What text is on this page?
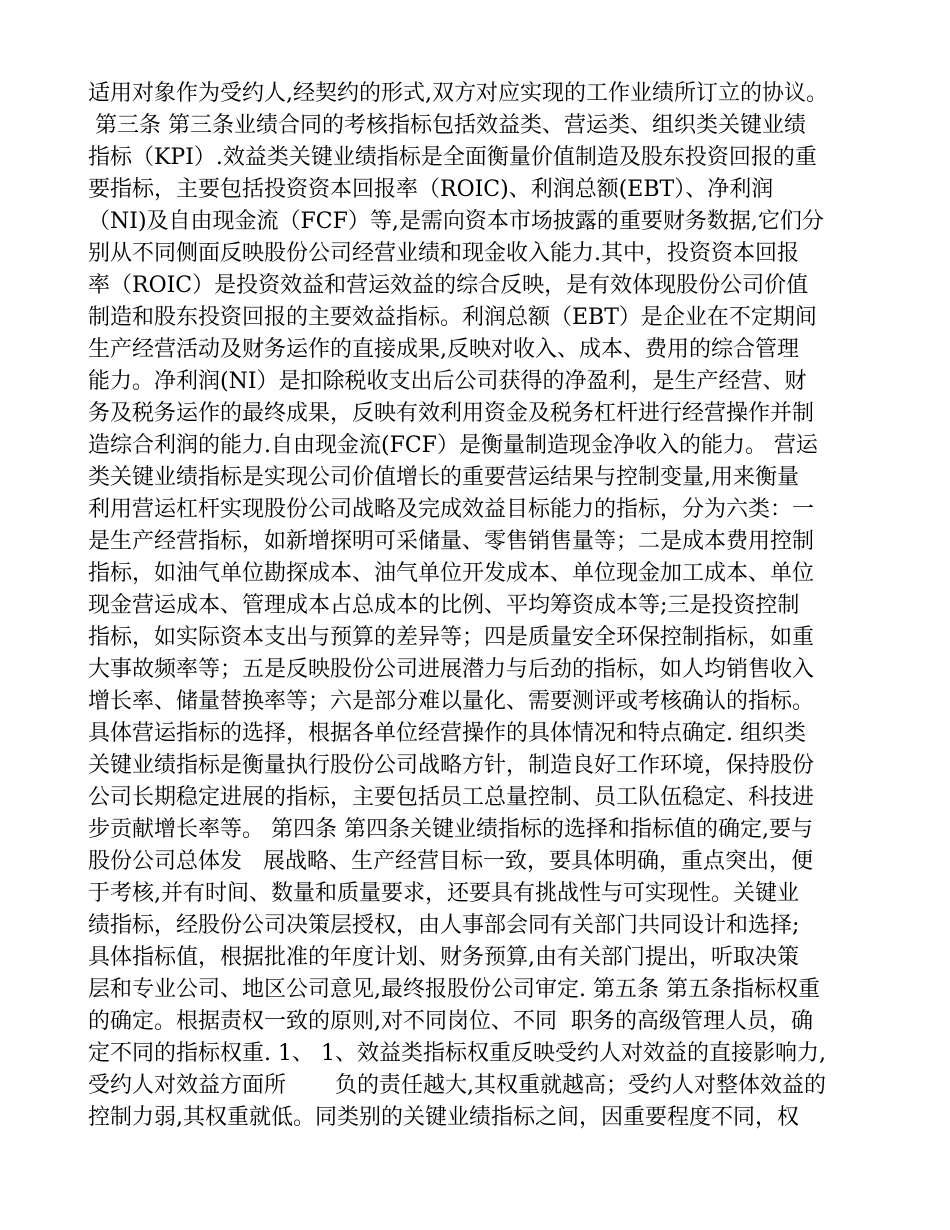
适用对象作为受约人,经契约的形式,双方对应实现的工作业绩所订立的协议。
第三条 第三条业绩合同的考核指标包括效益类、营运类、组织类关键业绩
指标（KPI）.效益类关键业绩指标是全面衡量价值制造及股东投资回报的重
要指标，主要包括投资资本回报率（ROIC)、利润总额(EBT）、净利润
（NI)及自由现金流（FCF）等,是需向资本市场披露的重要财务数据,它们分
别从不同侧面反映股份公司经营业绩和现金收入能力.其中，投资资本回报
率（ROIC）是投资效益和营运效益的综合反映，是有效体现股份公司价值
制造和股东投资回报的主要效益指标。利润总额（EBT）是企业在不定期间
生产经营活动及财务运作的直接成果,反映对收入、成本、费用的综合管理
能力。净利润(NI）是扣除税收支出后公司获得的净盈利，是生产经营、财
务及税务运作的最终成果，反映有效利用资金及税务杠杆进行经营操作并制
造综合利润的能力.自由现金流(FCF）是衡量制造现金净收入的能力。 营运
类关键业绩指标是实现公司价值增长的重要营运结果与控制变量,用来衡量
利用营运杠杆实现股份公司战略及完成效益目标能力的指标，分为六类：一
是生产经营指标，如新增探明可采储量、零售销售量等；二是成本费用控制
指标，如油气单位勘探成本、油气单位开发成本、单位现金加工成本、单位
现金营运成本、管理成本占总成本的比例、平均筹资成本等;三是投资控制
指标，如实际资本支出与预算的差异等；四是质量安全环保控制指标，如重
大事故频率等；五是反映股份公司进展潜力与后劲的指标，如人均销售收入
增长率、储量替换率等；六是部分难以量化、需要测评或考核确认的指标。
具体营运指标的选择，根据各单位经营操作的具体情况和特点确定. 组织类
关键业绩指标是衡量执行股份公司战略方针，制造良好工作环境，保持股份
公司长期稳定进展的指标，主要包括员工总量控制、员工队伍稳定、科技进
步贡献增长率等。 第四条 第四条关键业绩指标的选择和指标值的确定,要与
股份公司总体发   展战略、生产经营目标一致，要具体明确，重点突出，便
于考核,并有时间、数量和质量要求，还要具有挑战性与可实现性。关键业
绩指标，经股份公司决策层授权，由人事部会同有关部门共同设计和选择;
具体指标值，根据批准的年度计划、财务预算,由有关部门提出，听取决策
层和专业公司、地区公司意见,最终报股份公司审定. 第五条 第五条指标权重
的确定。根据责权一致的原则,对不同岗位、不同  职务的高级管理人员，确
定不同的指标权重. 1、 1、效益类指标权重反映受约人对效益的直接影响力,
受约人对效益方面所       负的责任越大,其权重就越高；受约人对整体效益的
控制力弱,其权重就低。同类别的关键业绩指标之间，因重要程度不同，权
